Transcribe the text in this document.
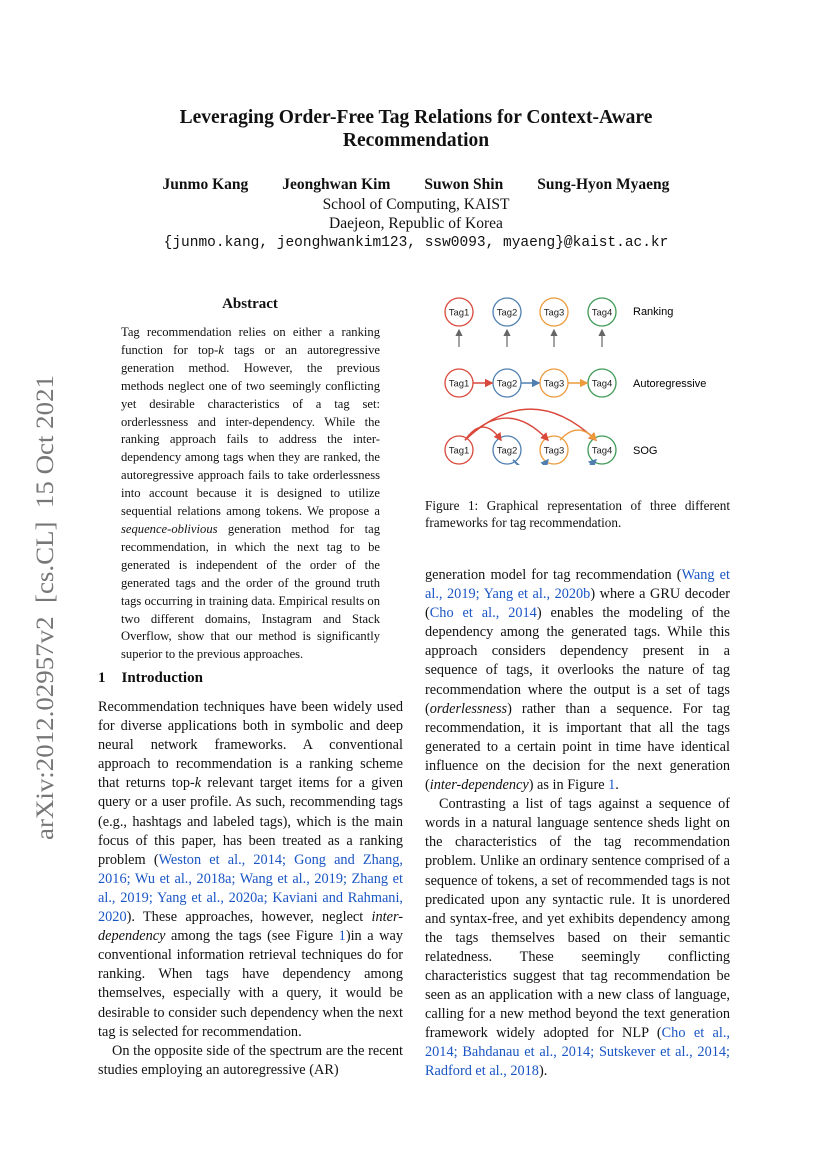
arXiv:2012.02957v2  [cs.CL]  15 Oct 2021
Leveraging Order-Free Tag Relations for Context-Aware Recommendation
Junmo Kang Jeonghwan Kim Suwon Shin Sung-Hyon Myaeng
School of Computing, KAIST
Daejeon, Republic of Korea
{junmo.kang, jeonghwankim123, ssw0093, myaeng}@kaist.ac.kr
Abstract
Tag recommendation relies on either a ranking function for top-k tags or an autoregressive generation method. However, the previous methods neglect one of two seemingly conflicting yet desirable characteristics of a tag set: orderlessness and inter-dependency. While the ranking approach fails to address the inter-dependency among tags when they are ranked, the autoregressive approach fails to take orderlessness into account because it is designed to utilize sequential relations among tokens. We propose a sequence-oblivious generation method for tag recommendation, in which the next tag to be generated is independent of the order of the generated tags and the order of the ground truth tags occurring in training data. Empirical results on two different domains, Instagram and Stack Overflow, show that our method is significantly superior to the previous approaches.
1 Introduction

Recommendation techniques have been widely used for diverse applications both in symbolic and deep neural network frameworks. A conventional approach to recommendation is a ranking scheme that returns top-k relevant target items for a given query or a user profile. As such, recommending tags (e.g., hashtags and labeled tags), which is the main focus of this paper, has been treated as a ranking problem (Weston et al., 2014; Gong and Zhang, 2016; Wu et al., 2018a; Wang et al., 2019; Zhang et al., 2019; Yang et al., 2020a; Kaviani and Rahmani, 2020). These approaches, however, neglect inter-dependency among the tags (see Figure 1)in a way conventional information retrieval techniques do for ranking. When tags have dependency among themselves, especially with a query, it would be desirable to consider such dependency when the next tag is selected for recommendation.

On the opposite side of the spectrum are the recent studies employing an autoregressive (AR)

Tag1	Tag2	Tag3	Tag4
Tag1	Tag2	Tag3	Tag4
Tag1	Tag2	Tag3	Tag4
Ranking
Autoregressive
SOG
Figure 1: Graphical representation of three different frameworks for tag recommendation.

generation model for tag recommendation (Wang et al., 2019; Yang et al., 2020b) where a GRU decoder (Cho et al., 2014) enables the modeling of the dependency among the generated tags. While this approach considers dependency present in a sequence of tags, it overlooks the nature of tag recommendation where the output is a set of tags (orderlessness) rather than a sequence. For tag recommendation, it is important that all the tags generated to a certain point in time have identical influence on the decision for the next generation (inter-dependency) as in Figure 1.

Contrasting a list of tags against a sequence of words in a natural language sentence sheds light on the characteristics of the tag recommendation problem. Unlike an ordinary sentence comprised of a sequence of tokens, a set of recommended tags is not predicated upon any syntactic rule. It is unordered and syntax-free, and yet exhibits dependency among the tags themselves based on their semantic relatedness. These seemingly conflicting characteristics suggest that tag recommendation be seen as an application with a new class of language, calling for a new method beyond the text generation framework widely adopted for NLP (Cho et al., 2014; Bahdanau et al., 2014; Sutskever et al., 2014; Radford et al., 2018).
